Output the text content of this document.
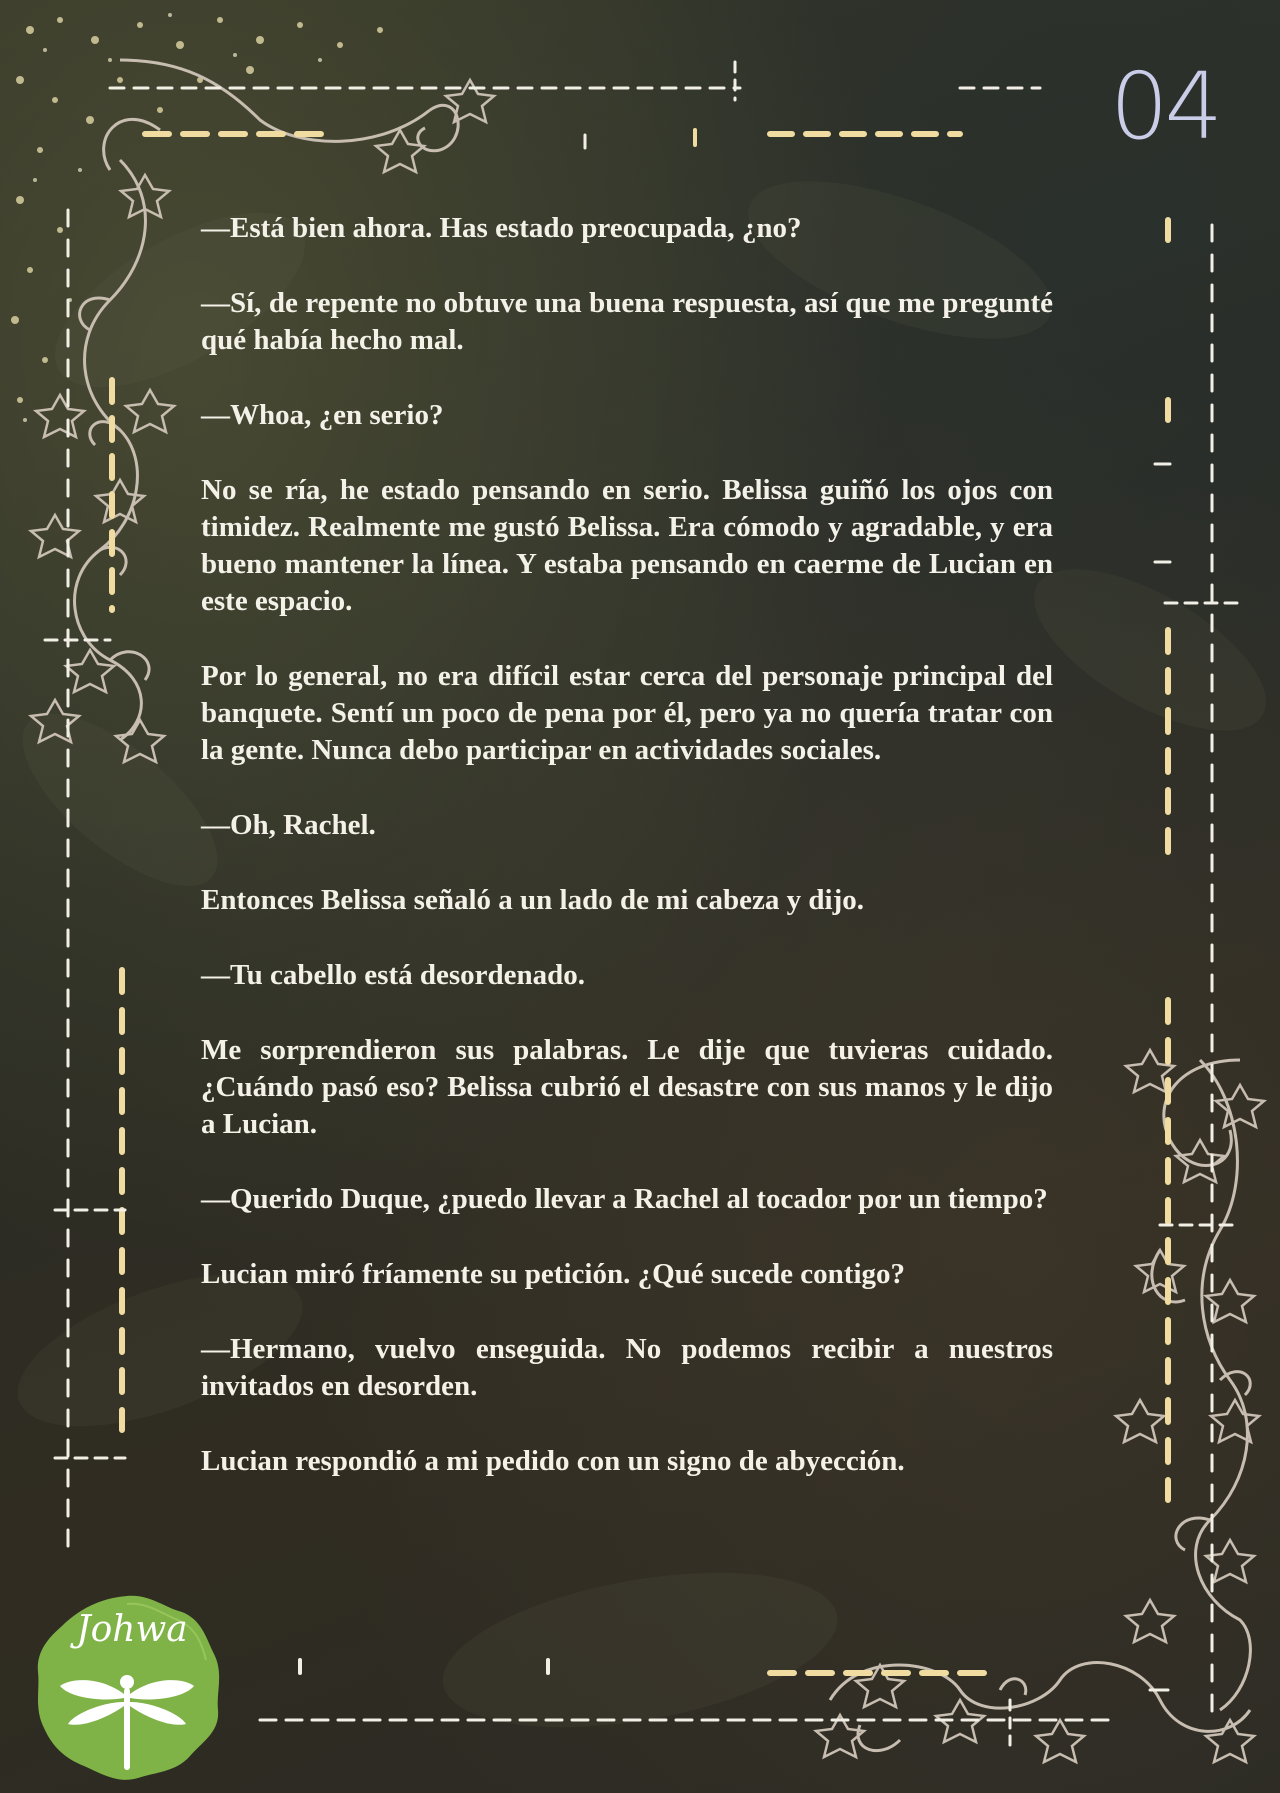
04

—Está bien ahora. Has estado preocupada, ¿no?

—Sí, de repente no obtuve una buena respuesta, así que me pregunté qué había hecho mal.

—Whoa, ¿en serio?

No se ría, he estado pensando en serio. Belissa guiñó los ojos con timidez. Realmente me gustó Belissa. Era cómodo y agradable, y era bueno mantener la línea. Y estaba pensando en caerme de Lucian en este espacio.

Por lo general, no era difícil estar cerca del personaje principal del banquete. Sentí un poco de pena por él, pero ya no quería tratar con la gente. Nunca debo participar en actividades sociales.

—Oh, Rachel.

Entonces Belissa señaló a un lado de mi cabeza y dijo.

—Tu cabello está desordenado.

Me sorprendieron sus palabras. Le dije que tuvieras cuidado. ¿Cuándo pasó eso? Belissa cubrió el desastre con sus manos y le dijo a Lucian.

—Querido Duque, ¿puedo llevar a Rachel al tocador por un tiempo?

Lucian miró fríamente su petición. ¿Qué sucede contigo?

—Hermano, vuelvo enseguida. No podemos recibir a nuestros invitados en desorden.

Lucian respondió a mi pedido con un signo de abyección.

Johwa
